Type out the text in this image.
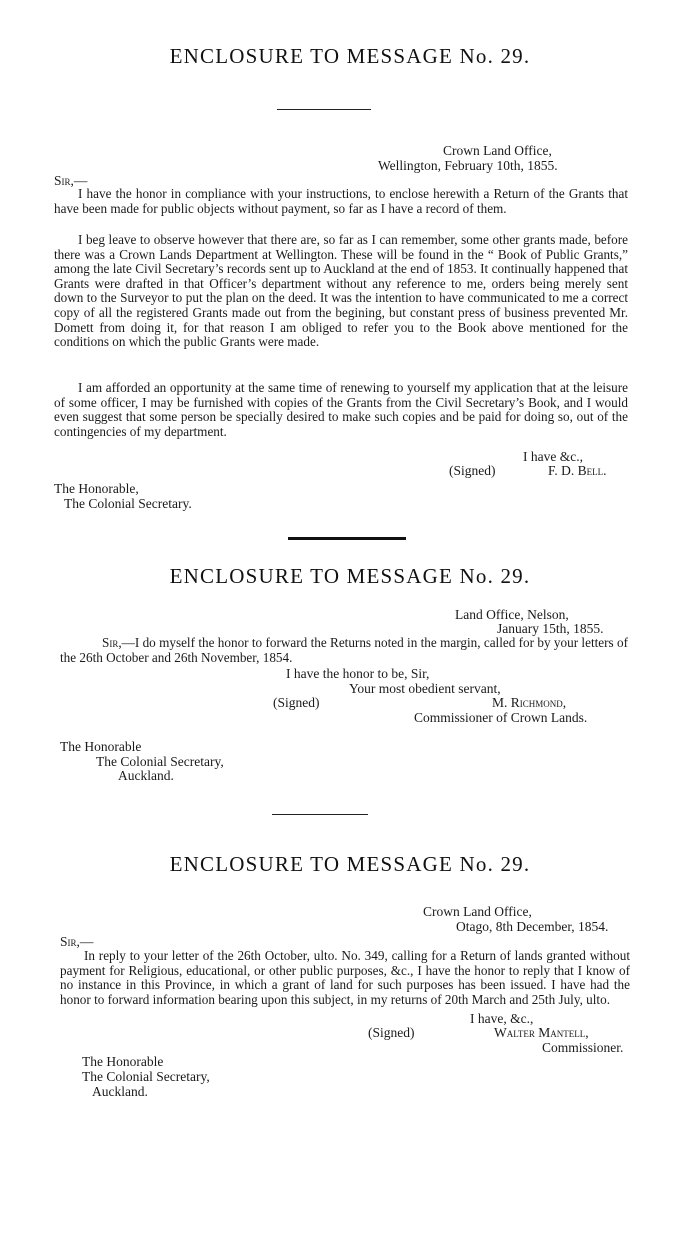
ENCLOSURE TO MESSAGE No. 29.
Crown Land Office,
Wellington, February 10th, 1855.
Sir,—
I have the honor in compliance with your instructions, to enclose herewith a Return of the Grants that have been made for public objects without payment, so far as I have a record of them.
I beg leave to observe however that there are, so far as I can remember, some other grants made, before there was a Crown Lands Department at Wellington. These will be found in the “ Book of Public Grants,” among the late Civil Secretary’s records sent up to Auckland at the end of 1853. It continually happened that Grants were drafted in that Officer’s department without any reference to me, orders being merely sent down to the Surveyor to put the plan on the deed. It was the intention to have communicated to me a correct copy of all the registered Grants made out from the begining, but constant press of business prevented Mr. Domett from doing it, for that reason I am obliged to refer you to the Book above mentioned for the conditions on which the public Grants were made.
I am afforded an opportunity at the same time of renewing to yourself my application that at the leisure of some officer, I may be furnished with copies of the Grants from the Civil Secretary’s Book, and I would even suggest that some person be specially desired to make such copies and be paid for doing so, out of the contingencies of my department.
I have &c.,
(Signed)	F. D. Bell.
The Honorable,
The Colonial Secretary.
ENCLOSURE TO MESSAGE No. 29.
Land Office, Nelson,
January 15th, 1855.
Sir,—I do myself the honor to forward the Returns noted in the margin, called for by your letters of the 26th October and 26th November, 1854.
I have the honor to be, Sir,
Your most obedient servant,
(Signed)	M. Richmond,
Commissioner of Crown Lands.
The Honorable
The Colonial Secretary,
Auckland.
ENCLOSURE TO MESSAGE No. 29.
Crown Land Office,
Otago, 8th December, 1854.
Sir,—
In reply to your letter of the 26th October, ulto. No. 349, calling for a Return of lands granted without payment for Religious, educational, or other public purposes, &c., I have the honor to reply that I know of no instance in this Province, in which a grant of land for such purposes has been issued. I have had the honor to forward information bearing upon this subject, in my returns of 20th March and 25th July, ulto.
I have, &c.,
(Signed)	Walter Mantell,
Commissioner.
The Honorable
The Colonial Secretary,
Auckland.
